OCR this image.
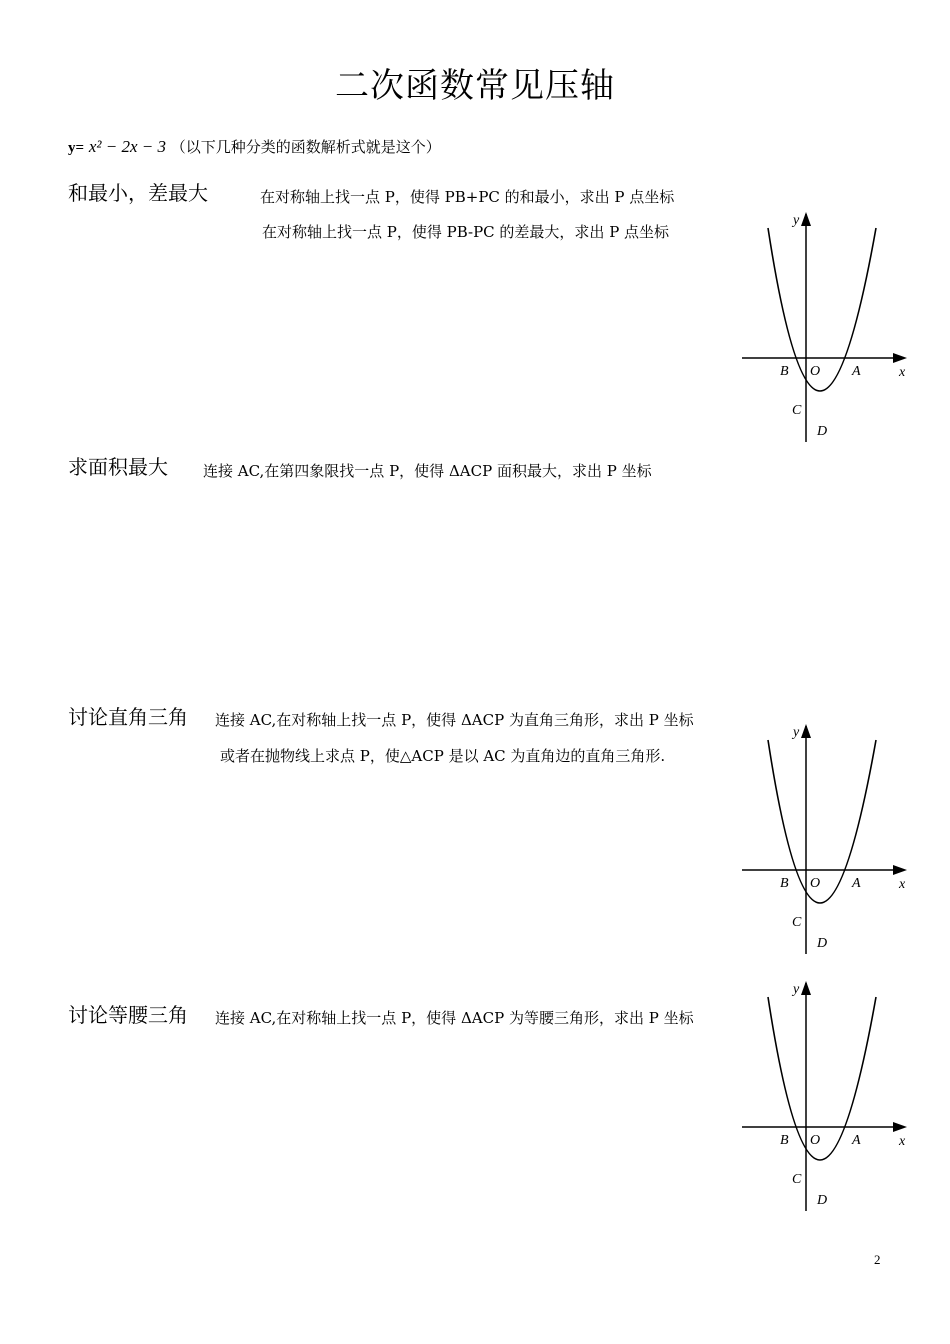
二次函数常见压轴
y= x² − 2x − 3 （以下几种分类的函数解析式就是这个）
和最小，差最大	在对称轴上找一点 P，使得 PB+PC 的和最小，求出 P 点坐标
在对称轴上找一点 P，使得 PB-PC 的差最大，求出 P 点坐标
求面积最大 连接 AC,在第四象限找一点 P，使得 ΔACP 面积最大，求出 P 坐标
讨论直角三角 连接 AC,在对称轴上找一点 P，使得 ΔACP 为直角三角形，求出 P 坐标
或者在抛物线上求点 P，使△ACP 是以 AC 为直角边的直角三角形.
讨论等腰三角 连接 AC,在对称轴上找一点 P，使得 ΔACP 为等腰三角形，求出 P 坐标
y
x
B O A
C
D
y
x
B O A
C
D
y
x
B O A
C
D
2
